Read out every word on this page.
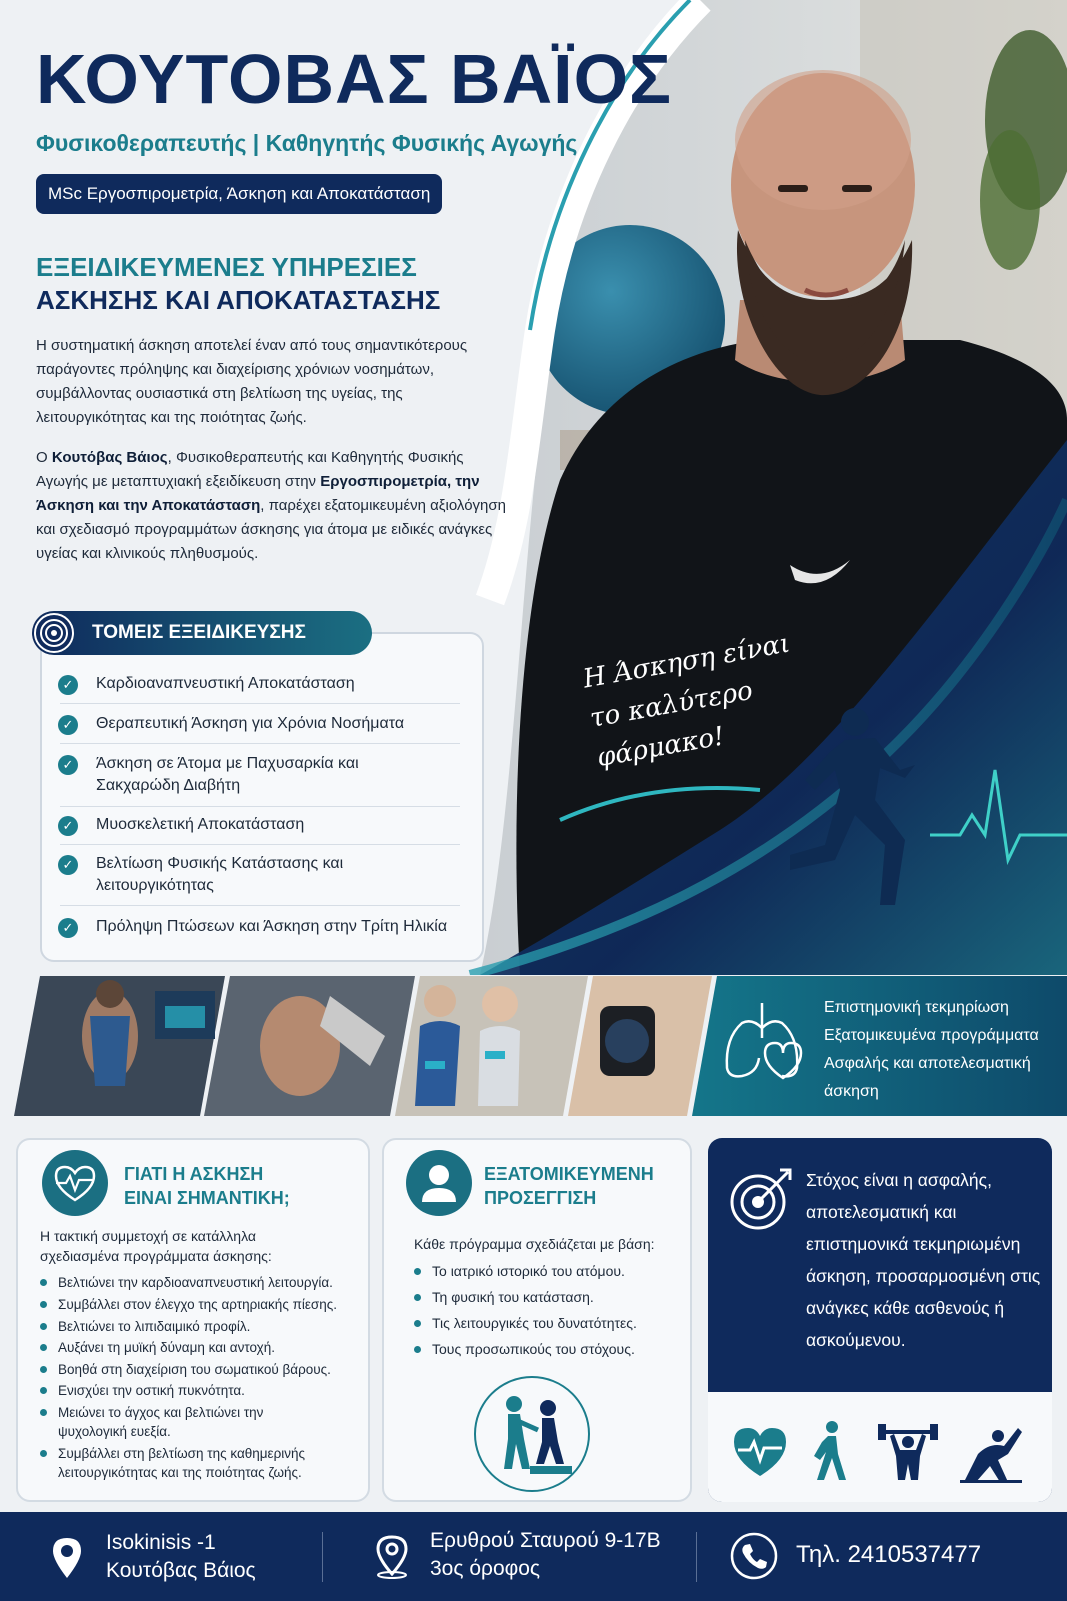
ΚΟΥΤΟΒΑΣ ΒΑΪΟΣ
Φυσικοθεραπευτής | Καθηγητής Φυσικής Αγωγής
MSc Εργοσπιρομετρία, Άσκηση και Αποκατάσταση
ΕΞΕΙΔΙΚΕΥΜΕΝΕΣ ΥΠΗΡΕΣΙΕΣ
ΑΣΚΗΣΗΣ ΚΑΙ ΑΠΟΚΑΤΑΣΤΑΣΗΣ
Η συστηματική άσκηση αποτελεί έναν από τους σημαντικότερους παράγοντες πρόληψης και διαχείρισης χρόνιων νοσημάτων, συμβάλλοντας ουσιαστικά στη βελτίωση της υγείας, της λειτουργικότητας και της ποιότητας ζωής.
Ο Κουτόβας Βάιος, Φυσικοθεραπευτής και Καθηγητής Φυσικής Αγωγής με μεταπτυχιακή εξειδίκευση στην Εργοσπιρομετρία, την Άσκηση και την Αποκατάσταση, παρέχει εξατομικευμένη αξιολόγηση και σχεδιασμό προγραμμάτων άσκησης για άτομα με ειδικές ανάγκες υγείας και κλινικούς πληθυσμούς.
ΤΟΜΕΙΣ ΕΞΕΙΔΙΚΕΥΣΗΣ
✓ Καρδιοαναπνευστική Αποκατάσταση
✓ Θεραπευτική Άσκηση για Χρόνια Νοσήματα
✓ Άσκηση σε Άτομα με Παχυσαρκία και Σακχαρώδη Διαβήτη
✓ Μυοσκελετική Αποκατάσταση
✓ Βελτίωση Φυσικής Κατάστασης και λειτουργικότητας
✓ Πρόληψη Πτώσεων και Άσκηση στην Τρίτη Ηλικία
Η Άσκηση είναι το καλύτερο φάρμακο!
Επιστημονική τεκμηρίωση
Εξατομικευμένα προγράμματα
Ασφαλής και αποτελεσματική άσκηση
ΓΙΑΤΙ Η ΑΣΚΗΣΗ
ΕΙΝΑΙ ΣΗΜΑΝΤΙΚΗ;
Η τακτική συμμετοχή σε κατάλληλα σχεδιασμένα προγράμματα άσκησης:
Βελτιώνει την καρδιοαναπνευστική λειτουργία.
Συμβάλλει στον έλεγχο της αρτηριακής πίεσης.
Βελτιώνει το λιπιδαιμικό προφίλ.
Αυξάνει τη μυϊκή δύναμη και αντοχή.
Βοηθά στη διαχείριση του σωματικού βάρους.
Ενισχύει την οστική πυκνότητα.
Μειώνει το άγχος και βελτιώνει την ψυχολογική ευεξία.
Συμβάλλει στη βελτίωση της καθημερινής λειτουργικότητας και της ποιότητας ζωής.
ΕΞΑΤΟΜΙΚΕΥΜΕΝΗ
ΠΡΟΣΕΓΓΙΣΗ
Κάθε πρόγραμμα σχεδιάζεται με βάση:
Το ιατρικό ιστορικό του ατόμου.
Τη φυσική του κατάσταση.
Τις λειτουργικές του δυνατότητες.
Τους προσωπικούς του στόχους.
Στόχος είναι η ασφαλής, αποτελεσματική και επιστημονικά τεκμηριωμένη άσκηση, προσαρμοσμένη στις ανάγκες κάθε ασθενούς ή ασκούμενου.
Isokinisis -1
Κουτόβας Βάιος
Ερυθρού Σταυρού 9-17Β
3ος όροφος
Τηλ. 2410537477
